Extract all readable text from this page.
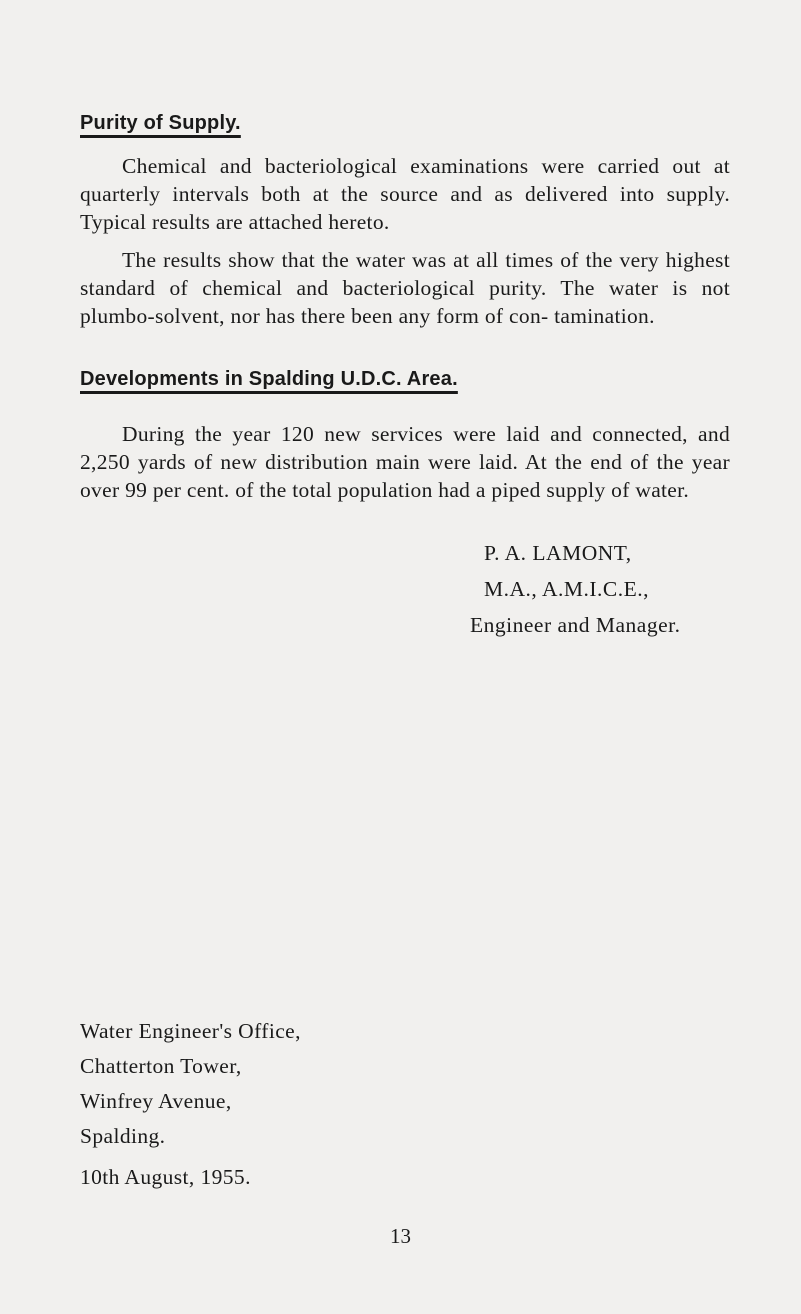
Purity of Supply.

Chemical and bacteriological examinations were carried out at quarterly intervals both at the source and as delivered into supply. Typical results are attached hereto.

The results show that the water was at all times of the very highest standard of chemical and bacteriological purity. The water is not plumbo-solvent, nor has there been any form of con- tamination.

Developments in Spalding U.D.C. Area.

During the year 120 new services were laid and connected, and 2,250 yards of new distribution main were laid. At the end of the year over 99 per cent. of the total population had a piped supply of water.

P. A. LAMONT,
M.A., A.M.I.C.E.,
Engineer and Manager.
Water Engineer's Office,
Chatterton Tower,
Winfrey Avenue,
Spalding.
10th August, 1955.
13
